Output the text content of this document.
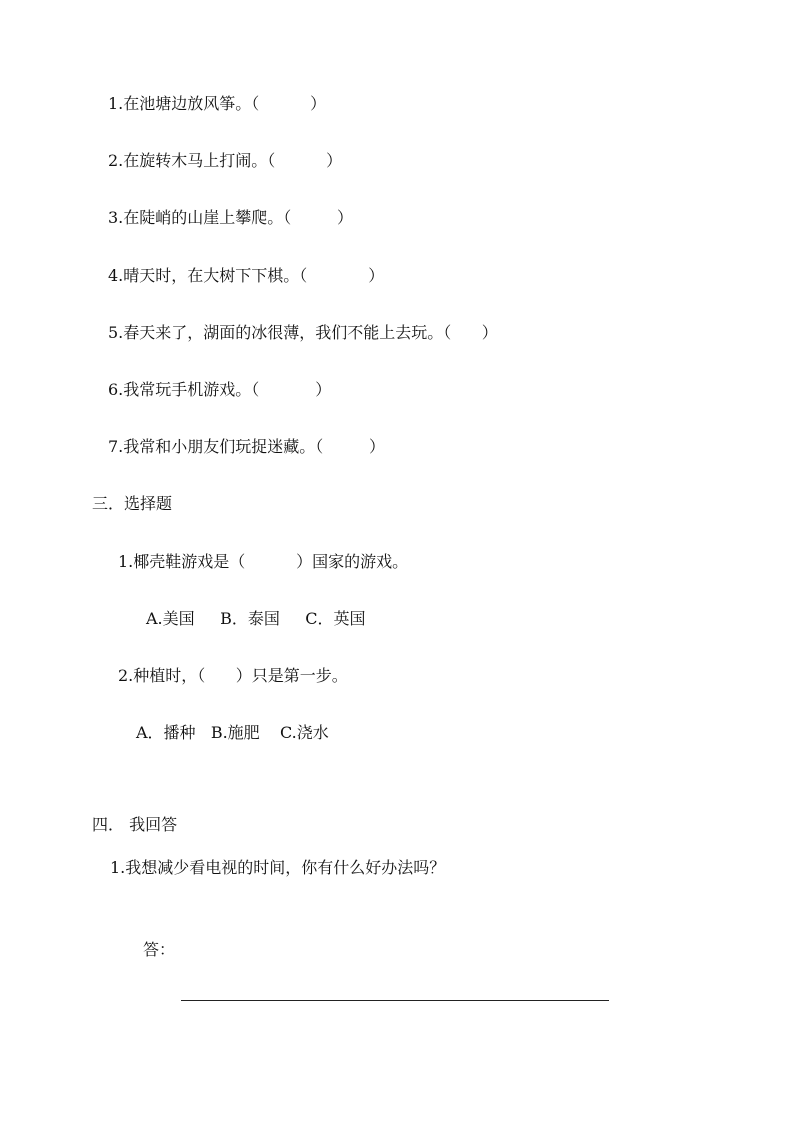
1.在池塘边放风筝。（          ）
2.在旋转木马上打闹。（          ）
3.在陡峭的山崖上攀爬。（         ）
4.晴天时，在大树下下棋。（            ）
5.春天来了，湖面的冰很薄，我们不能上去玩。（      ）
6.我常玩手机游戏。（           ）
7.我常和小朋友们玩捉迷藏。（         ）
三．选择题
1.椰壳鞋游戏是（          ）国家的游戏。
A.美国     B．泰国     C．英国
2.种植时，（      ）只是第一步。
A．播种   B.施肥    C.浇水
四． 我回答
1.我想减少看电视的时间，你有什么好办法吗？
答：
